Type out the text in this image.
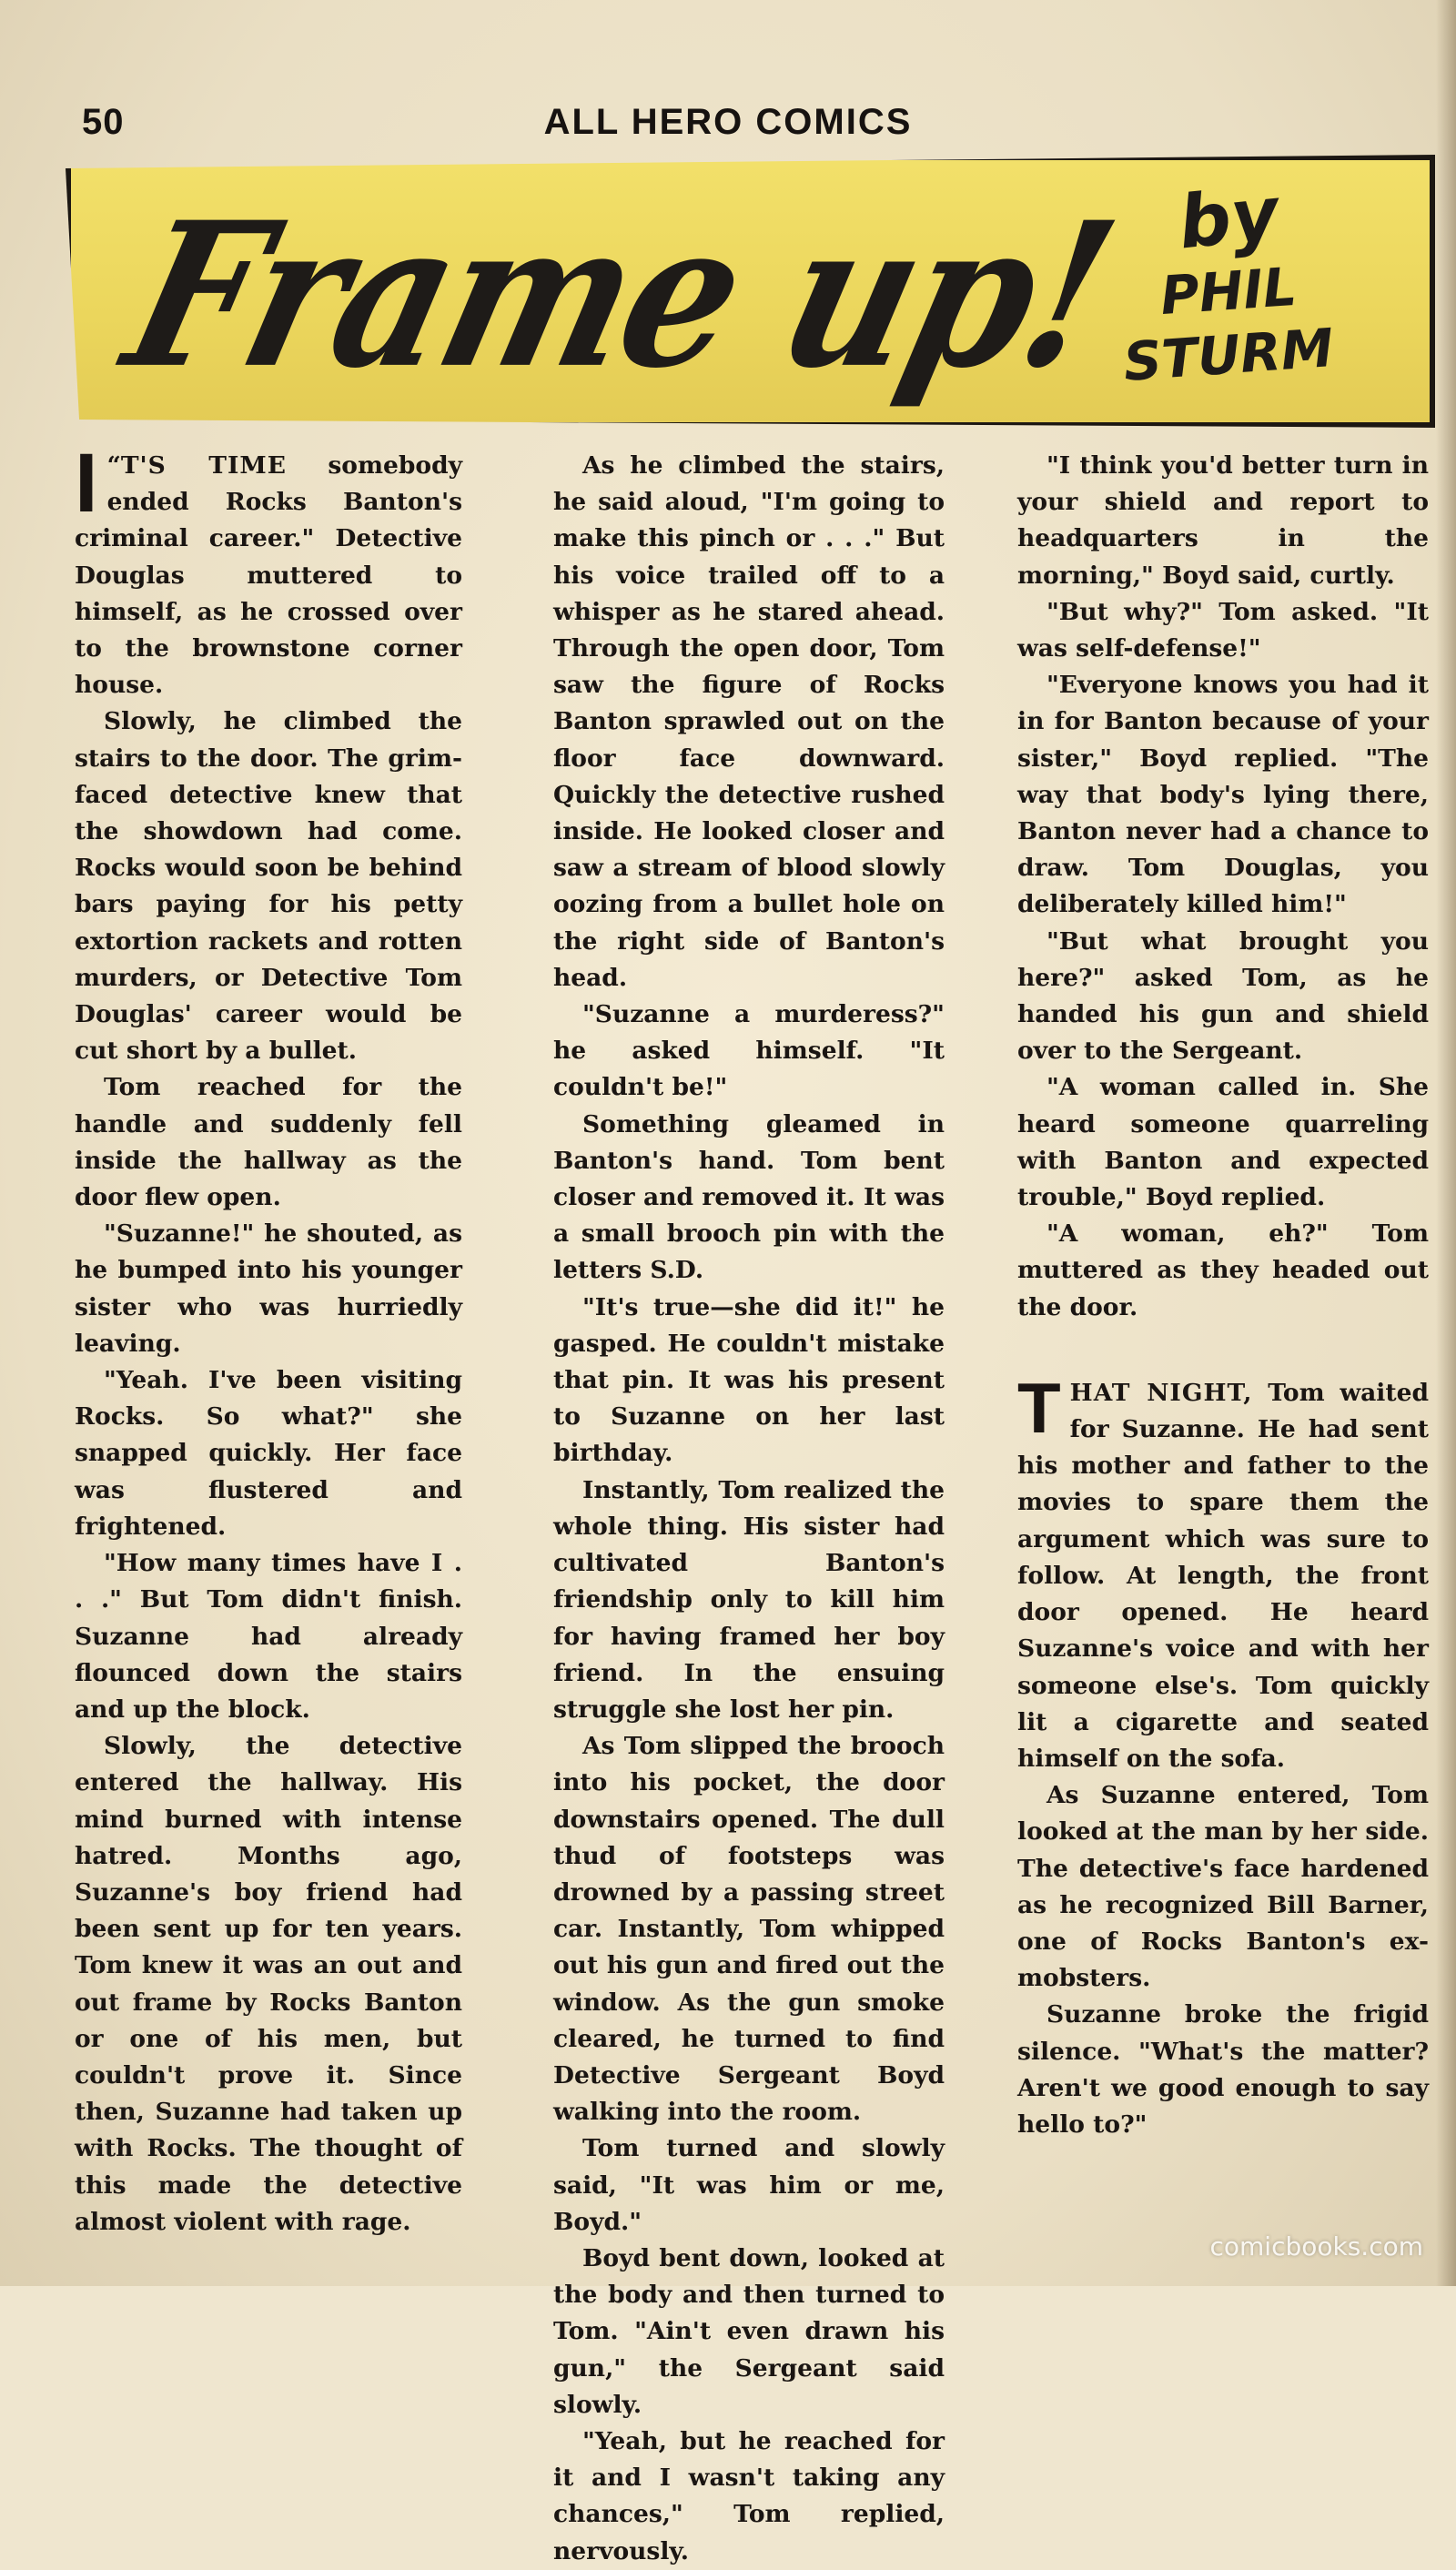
50	ALL HERO COMICS
Frame up! by
PHIL
STURM

“
I T'S TIME somebody ended Rocks Banton's criminal career." Detective Douglas muttered to himself, as he crossed over to the brownstone corner house.

Slowly, he climbed the stairs to the door. The grim-faced detective knew that the showdown had come. Rocks would soon be behind bars paying for his petty extortion rackets and rotten murders, or Detective Tom Douglas' career would be cut short by a bullet.

Tom reached for the handle and suddenly fell inside the hallway as the door flew open.

"Suzanne!" he shouted, as he bumped into his younger sister who was hurriedly leaving.

"Yeah. I've been visiting Rocks. So what?" she snapped quickly. Her face was flustered and frightened.

"How many times have I . . ." But Tom didn't finish. Suzanne had already flounced down the stairs and up the block.

Slowly, the detective entered the hallway. His mind burned with intense hatred. Months ago, Suzanne's boy friend had been sent up for ten years. Tom knew it was an out and out frame by Rocks Banton or one of his men, but couldn't prove it. Since then, Suzanne had taken up with Rocks. The thought of this made the detective almost violent with rage.

As he climbed the stairs, he said aloud, "I'm going to make this pinch or . . ." But his voice trailed off to a whisper as he stared ahead. Through the open door, Tom saw the figure of Rocks Banton sprawled out on the floor face downward. Quickly the detective rushed inside. He looked closer and saw a stream of blood slowly oozing from a bullet hole on the right side of Banton's head.

"Suzanne a murderess?" he asked himself. "It couldn't be!"

Something gleamed in Banton's hand. Tom bent closer and removed it. It was a small brooch pin with the letters S.D.

"It's true—she did it!" he gasped. He couldn't mistake that pin. It was his present to Suzanne on her last birthday.

Instantly, Tom realized the whole thing. His sister had cultivated Banton's friendship only to kill him for having framed her boy friend. In the ensuing struggle she lost her pin.

As Tom slipped the brooch into his pocket, the door downstairs opened. The dull thud of footsteps was drowned by a passing street car. Instantly, Tom whipped out his gun and fired out the window. As the gun smoke cleared, he turned to find Detective Sergeant Boyd walking into the room.

Tom turned and slowly said, "It was him or me, Boyd."

Boyd bent down, looked at the body and then turned to Tom. "Ain't even drawn his gun," the Sergeant said slowly.

"Yeah, but he reached for it and I wasn't taking any chances," Tom replied, nervously.

"I think you'd better turn in your shield and report to headquarters in the morning," Boyd said, curtly.

"But why?" Tom asked. "It was self-defense!"

"Everyone knows you had it in for Banton because of your sister," Boyd replied. "The way that body's lying there, Banton never had a chance to draw. Tom Douglas, you deliberately killed him!"

"But what brought you here?" asked Tom, as he handed his gun and shield over to the Sergeant.

"A woman called in. She heard someone quarreling with Banton and expected trouble," Boyd replied.

"A woman, eh?" Tom muttered as they headed out the door.

THAT NIGHT, Tom waited for Suzanne. He had sent his mother and father to the movies to spare them the argument which was sure to follow. At length, the front door opened. He heard Suzanne's voice and with her someone else's. Tom quickly lit a cigarette and seated himself on the sofa.

As Suzanne entered, Tom looked at the man by her side. The detective's face hardened as he recognized Bill Barner, one of Rocks Banton's ex-mobsters.

Suzanne broke the frigid silence. "What's the matter? Aren't we good enough to say hello to?"

comicbooks.com
